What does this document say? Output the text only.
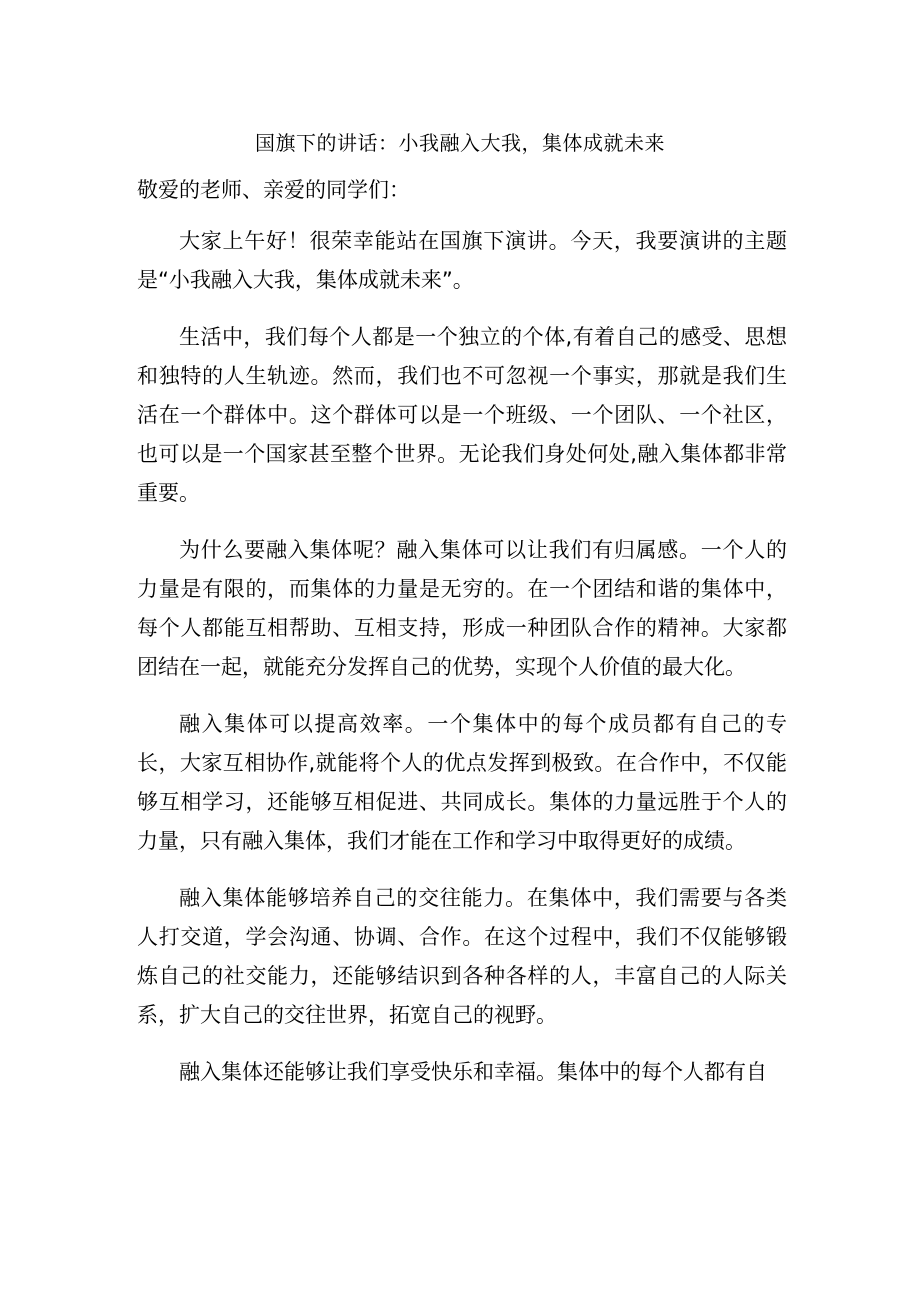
国旗下的讲话：小我融入大我，集体成就未来
敬爱的老师、亲爱的同学们：

大家上午好！很荣幸能站在国旗下演讲。今天，我要演讲的主题是“小我融入大我，集体成就未来”。

生活中，我们每个人都是一个独立的个体,有着自己的感受、思想和独特的人生轨迹。然而，我们也不可忽视一个事实，那就是我们生活在一个群体中。这个群体可以是一个班级、一个团队、一个社区，也可以是一个国家甚至整个世界。无论我们身处何处,融入集体都非常重要。

为什么要融入集体呢？融入集体可以让我们有归属感。一个人的力量是有限的，而集体的力量是无穷的。在一个团结和谐的集体中，每个人都能互相帮助、互相支持，形成一种团队合作的精神。大家都团结在一起，就能充分发挥自己的优势，实现个人价值的最大化。

融入集体可以提高效率。一个集体中的每个成员都有自己的专长，大家互相协作,就能将个人的优点发挥到极致。在合作中，不仅能够互相学习，还能够互相促进、共同成长。集体的力量远胜于个人的力量，只有融入集体，我们才能在工作和学习中取得更好的成绩。

融入集体能够培养自己的交往能力。在集体中，我们需要与各类人打交道，学会沟通、协调、合作。在这个过程中，我们不仅能够锻炼自己的社交能力，还能够结识到各种各样的人，丰富自己的人际关系，扩大自己的交往世界，拓宽自己的视野。

融入集体还能够让我们享受快乐和幸福。集体中的每个人都有自
